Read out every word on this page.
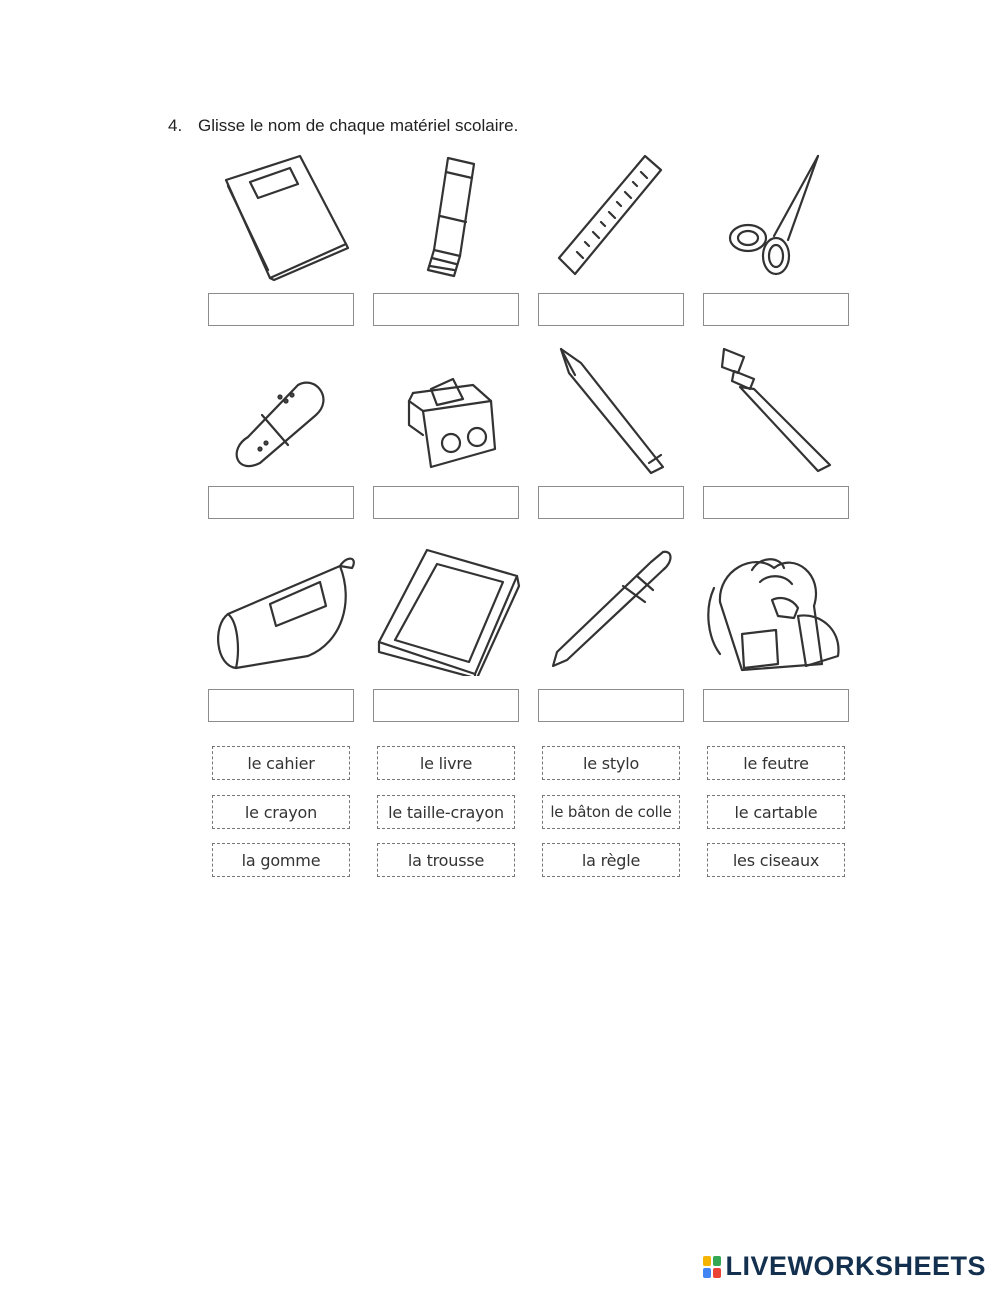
4. Glisse le nom de chaque matériel scolaire.
le cahier	le livre	le stylo	le feutre
le crayon	le taille-crayon	le bâton de colle	le cartable
la gomme	la trousse	la règle	les ciseaux
LIVEWORKSHEETS
